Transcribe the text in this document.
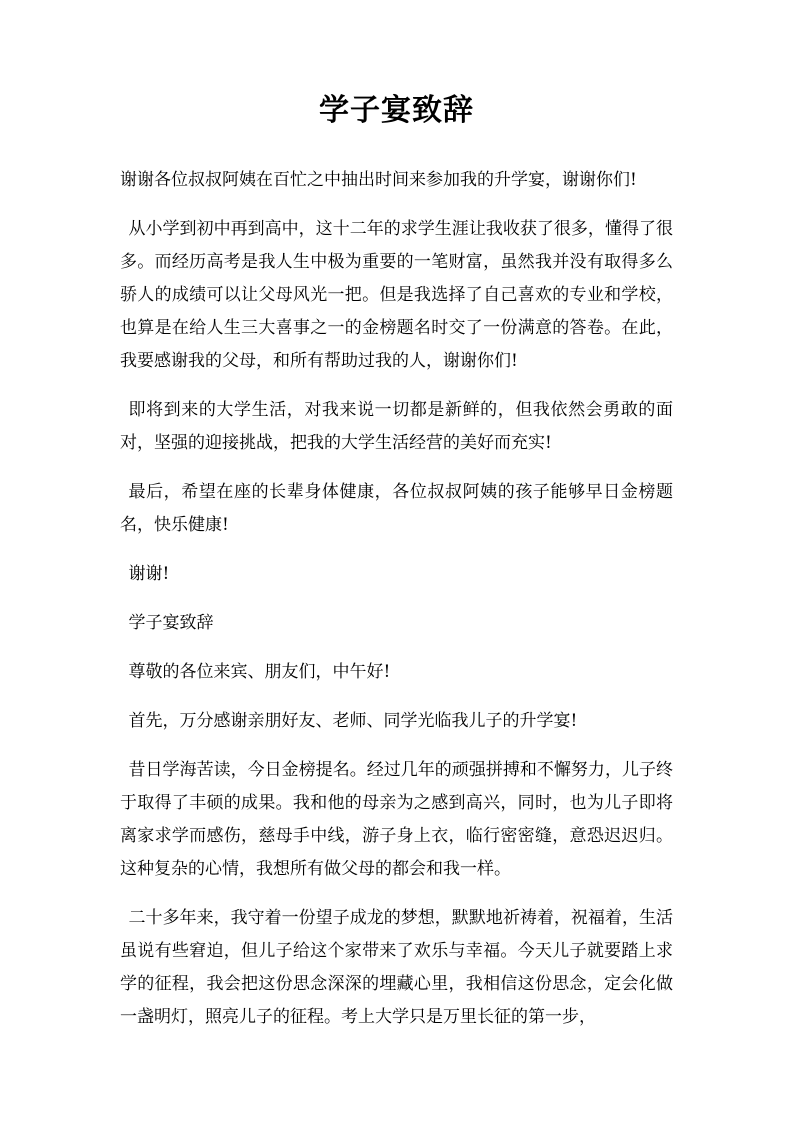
学子宴致辞

谢谢各位叔叔阿姨在百忙之中抽出时间来参加我的升学宴，谢谢你们!

从小学到初中再到高中，这十二年的求学生涯让我收获了很多，懂得了很多。而经历高考是我人生中极为重要的一笔财富，虽然我并没有取得多么骄人的成绩可以让父母风光一把。但是我选择了自己喜欢的专业和学校，也算是在给人生三大喜事之一的金榜题名时交了一份满意的答卷。在此，我要感谢我的父母，和所有帮助过我的人，谢谢你们!

即将到来的大学生活，对我来说一切都是新鲜的，但我依然会勇敢的面对，坚强的迎接挑战，把我的大学生活经营的美好而充实!

最后，希望在座的长辈身体健康，各位叔叔阿姨的孩子能够早日金榜题名，快乐健康!

谢谢!

学子宴致辞

尊敬的各位来宾、朋友们，中午好!

首先，万分感谢亲朋好友、老师、同学光临我儿子的升学宴!

昔日学海苦读，今日金榜提名。经过几年的顽强拼搏和不懈努力，儿子终于取得了丰硕的成果。我和他的母亲为之感到高兴，同时，也为儿子即将离家求学而感伤，慈母手中线，游子身上衣，临行密密缝，意恐迟迟归。这种复杂的心情，我想所有做父母的都会和我一样。

二十多年来，我守着一份望子成龙的梦想，默默地祈祷着，祝福着，生活虽说有些窘迫，但儿子给这个家带来了欢乐与幸福。今天儿子就要踏上求学的征程，我会把这份思念深深的埋藏心里，我相信这份思念，定会化做一盏明灯，照亮儿子的征程。考上大学只是万里长征的第一步，
